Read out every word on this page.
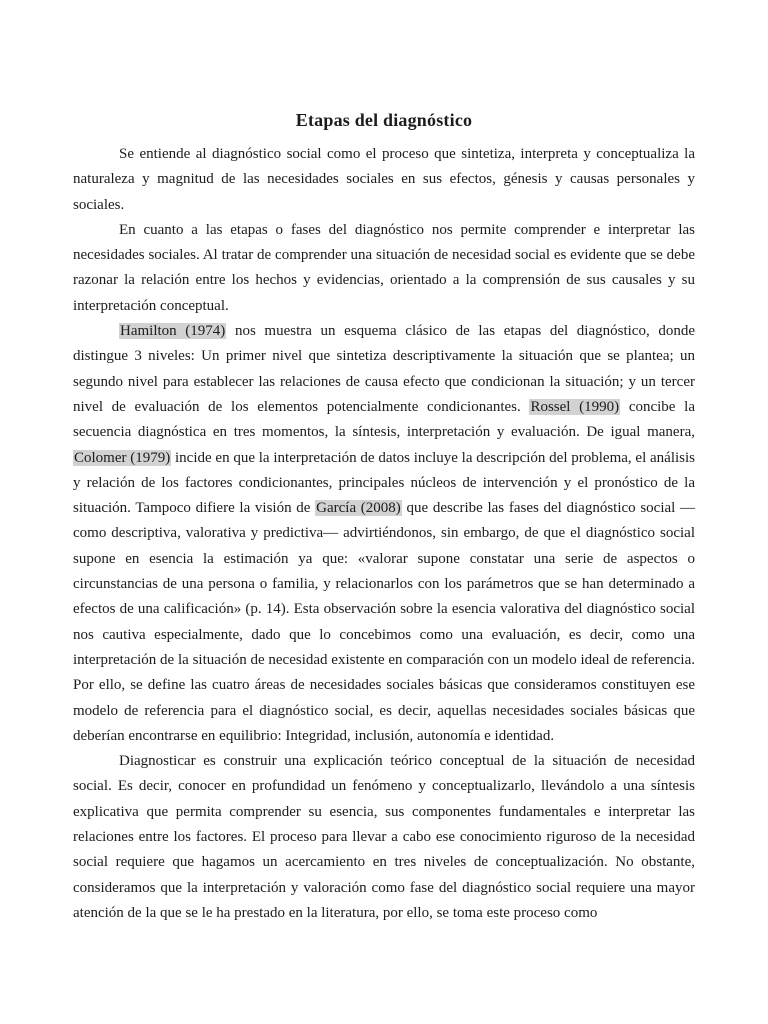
Etapas del diagnóstico

Se entiende al diagnóstico social como el proceso que sintetiza, interpreta y conceptualiza la naturaleza y magnitud de las necesidades sociales en sus efectos, génesis y causas personales y sociales.

En cuanto a las etapas o fases del diagnóstico nos permite comprender e interpretar las necesidades sociales. Al tratar de comprender una situación de necesidad social es evidente que se debe razonar la relación entre los hechos y evidencias, orientado a la comprensión de sus causales y su interpretación conceptual.

Hamilton (1974) nos muestra un esquema clásico de las etapas del diagnóstico, donde distingue 3 niveles: Un primer nivel que sintetiza descriptivamente la situación que se plantea; un segundo nivel para establecer las relaciones de causa efecto que condicionan la situación; y un tercer nivel de evaluación de los elementos potencialmente condicionantes. Rossel (1990) concibe la secuencia diagnóstica en tres momentos, la síntesis, interpretación y evaluación. De igual manera, Colomer (1979) incide en que la interpretación de datos incluye la descripción del problema, el análisis y relación de los factores condicionantes, principales núcleos de intervención y el pronóstico de la situación. Tampoco difiere la visión de García (2008) que describe las fases del diagnóstico social —como descriptiva, valorativa y predictiva— advirtiéndonos, sin embargo, de que el diagnóstico social supone en esencia la estimación ya que: «valorar supone constatar una serie de aspectos o circunstancias de una persona o familia, y relacionarlos con los parámetros que se han determinado a efectos de una calificación» (p. 14). Esta observación sobre la esencia valorativa del diagnóstico social nos cautiva especialmente, dado que lo concebimos como una evaluación, es decir, como una interpretación de la situación de necesidad existente en comparación con un modelo ideal de referencia. Por ello, se define las cuatro áreas de necesidades sociales básicas que consideramos constituyen ese modelo de referencia para el diagnóstico social, es decir, aquellas necesidades sociales básicas que deberían encontrarse en equilibrio: Integridad, inclusión, autonomía e identidad.

Diagnosticar es construir una explicación teórico conceptual de la situación de necesidad social. Es decir, conocer en profundidad un fenómeno y conceptualizarlo, llevándolo a una síntesis explicativa que permita comprender su esencia, sus componentes fundamentales e interpretar las relaciones entre los factores. El proceso para llevar a cabo ese conocimiento riguroso de la necesidad social requiere que hagamos un acercamiento en tres niveles de conceptualización. No obstante, consideramos que la interpretación y valoración como fase del diagnóstico social requiere una mayor atención de la que se le ha prestado en la literatura, por ello, se toma este proceso como
